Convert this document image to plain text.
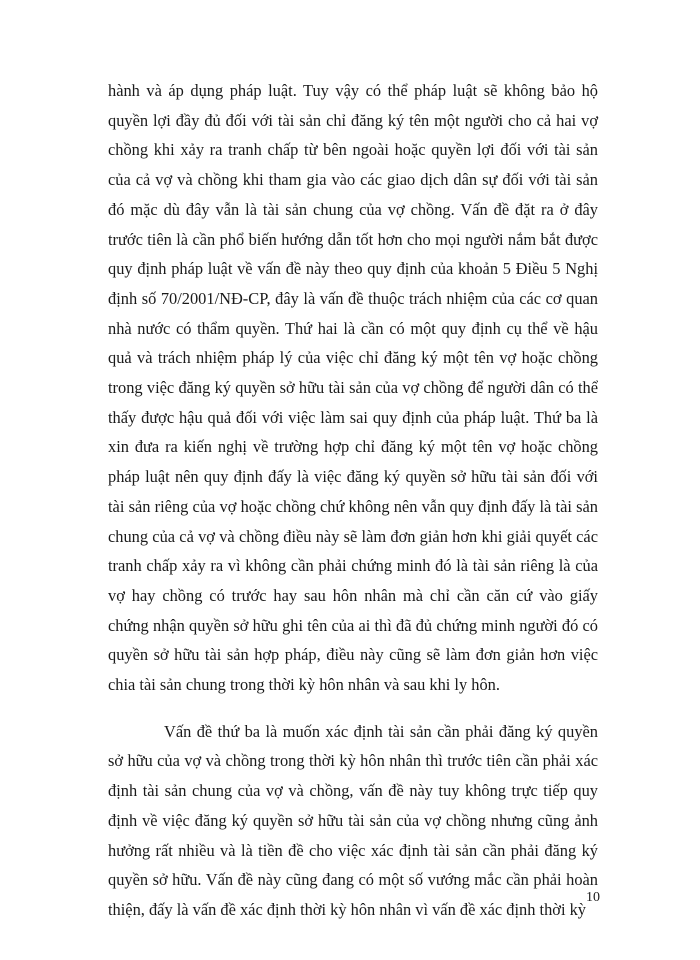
hành và áp dụng pháp luật. Tuy vậy có thể pháp luật sẽ không bảo hộ quyền lợi đầy đủ đối với tài sản chỉ đăng ký tên một người cho cả hai vợ chồng khi xảy ra tranh chấp từ bên ngoài hoặc quyền lợi đối với tài sản của cả vợ và chồng khi tham gia vào các giao dịch dân sự đối với tài sản đó mặc dù đây vẫn là tài sản chung của vợ chồng. Vấn đề đặt ra ở đây trước tiên là cần phổ biến hướng dẫn tốt hơn cho mọi người nắm bắt được quy định pháp luật về vấn đề này theo quy định của khoản 5 Điều 5 Nghị định số 70/2001/NĐ-CP, đây là vấn đề thuộc trách nhiệm của các cơ quan nhà nước có thẩm quyền. Thứ hai là cần có một quy định cụ thể về hậu quả và trách nhiệm pháp lý của việc chỉ đăng ký một tên vợ hoặc chồng trong việc đăng ký quyền sở hữu tài sản của vợ chồng để người dân có thể thấy được hậu quả đối với việc làm sai quy định của pháp luật. Thứ ba là xin đưa ra kiến nghị về trường hợp chỉ đăng ký một tên vợ hoặc chồng pháp luật nên quy định đấy là việc đăng ký quyền sở hữu tài sản đối với tài sản riêng của vợ hoặc chồng chứ không nên vẫn quy định đấy là tài sản chung của cả vợ và chồng điều này sẽ làm đơn giản hơn khi giải quyết các tranh chấp xảy ra vì không cần phải chứng minh đó là tài sản riêng là của vợ hay chồng có trước hay sau hôn nhân mà chỉ cần căn cứ vào giấy chứng nhận quyền sở hữu ghi tên của ai thì đã đủ chứng minh người đó có quyền sở hữu tài sản hợp pháp, điều này cũng sẽ làm đơn giản hơn việc chia tài sản chung trong thời kỳ hôn nhân và sau khi ly hôn.

Vấn đề thứ ba là muốn xác định tài sản cần phải đăng ký quyền sở hữu của vợ và chồng trong thời kỳ hôn nhân thì trước tiên cần phải xác định tài sản chung của vợ và chồng, vấn đề này tuy không trực tiếp quy định về việc đăng ký quyền sở hữu tài sản của vợ chồng nhưng cũng ảnh hưởng rất nhiều và là tiền đề cho việc xác định tài sản cần phải đăng ký quyền sở hữu. Vấn đề này cũng đang có một số vướng mắc cần phải hoàn thiện, đấy là vấn đề xác định thời kỳ hôn nhân vì vấn đề xác định thời kỳ

10
